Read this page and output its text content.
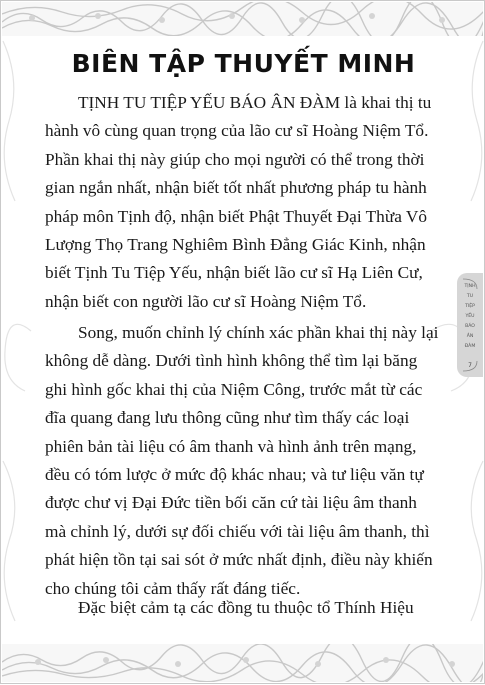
BIÊN TẬP THUYẾT MINH
TỊNH TU TIỆP YẾU BÁO ÂN ĐÀM là khai thị tu
hành vô cùng quan trọng của lão cư sĩ Hoàng Niệm Tổ.
Phần khai thị này giúp cho mọi người có thể trong thời
gian ngắn nhất, nhận biết tốt nhất phương pháp tu hành
pháp môn Tịnh độ, nhận biết Phật Thuyết Đại Thừa Vô
Lượng Thọ Trang Nghiêm Bình Đẳng Giác Kinh, nhận
biết Tịnh Tu Tiệp Yếu, nhận biết lão cư sĩ Hạ Liên Cư,
nhận biết con người lão cư sĩ Hoàng Niệm Tổ.
Song, muốn chỉnh lý chính xác phần khai thị này lại
không dễ dàng. Dưới tình hình không thể tìm lại băng
ghi hình gốc khai thị của Niệm Công, trước mắt từ các
đĩa quang đang lưu thông cũng như tìm thấy các loại
phiên bản tài liệu có âm thanh và hình ảnh trên mạng,
đều có tóm lược ở mức độ khác nhau; và tư liệu văn tự
được chư vị Đại Đức tiền bối căn cứ tài liệu âm thanh
mà chỉnh lý, dưới sự đối chiếu với tài liệu âm thanh, thì
phát hiện tồn tại sai sót ở mức nhất định, điều này khiến
cho chúng tôi cảm thấy rất đáng tiếc.
Đặc biệt cảm tạ các đồng tu thuộc tổ Thính Hiệu
TỊNH
TU
TIỆP
YẾU
BÁO
ÂN
ĐÀM
7
